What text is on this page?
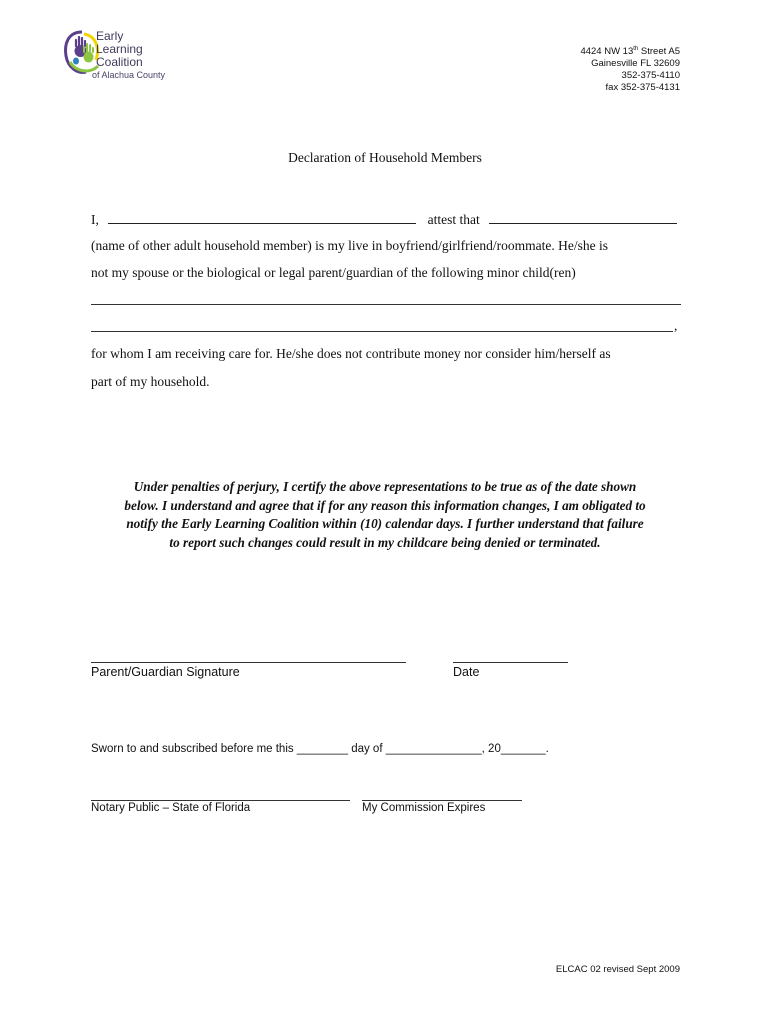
Early
Learning
Coalition
of Alachua County
4424 NW 13th Street A5
Gainesville FL 32609
352-375-4110
fax 352-375-4131
Declaration of Household Members
I,	attest that
(name of other adult household member) is my live in boyfriend/girlfriend/roommate. He/she is
not my spouse or the biological or legal parent/guardian of the following minor child(ren)
,
for whom I am receiving care for. He/she does not contribute money nor consider him/herself as
part of my household.
Under penalties of perjury, I certify the above representations to be true as of the date shown below. I understand and agree that if for any reason this information changes, I am obligated to notify the Early Learning Coalition within (10) calendar days. I further understand that failure to report such changes could result in my childcare being denied or terminated.
Parent/Guardian Signature	Date
Sworn to and subscribed before me this ________ day of _______________, 20_______.
Notary Public – State of Florida	My Commission Expires
ELCAC 02 revised Sept 2009
